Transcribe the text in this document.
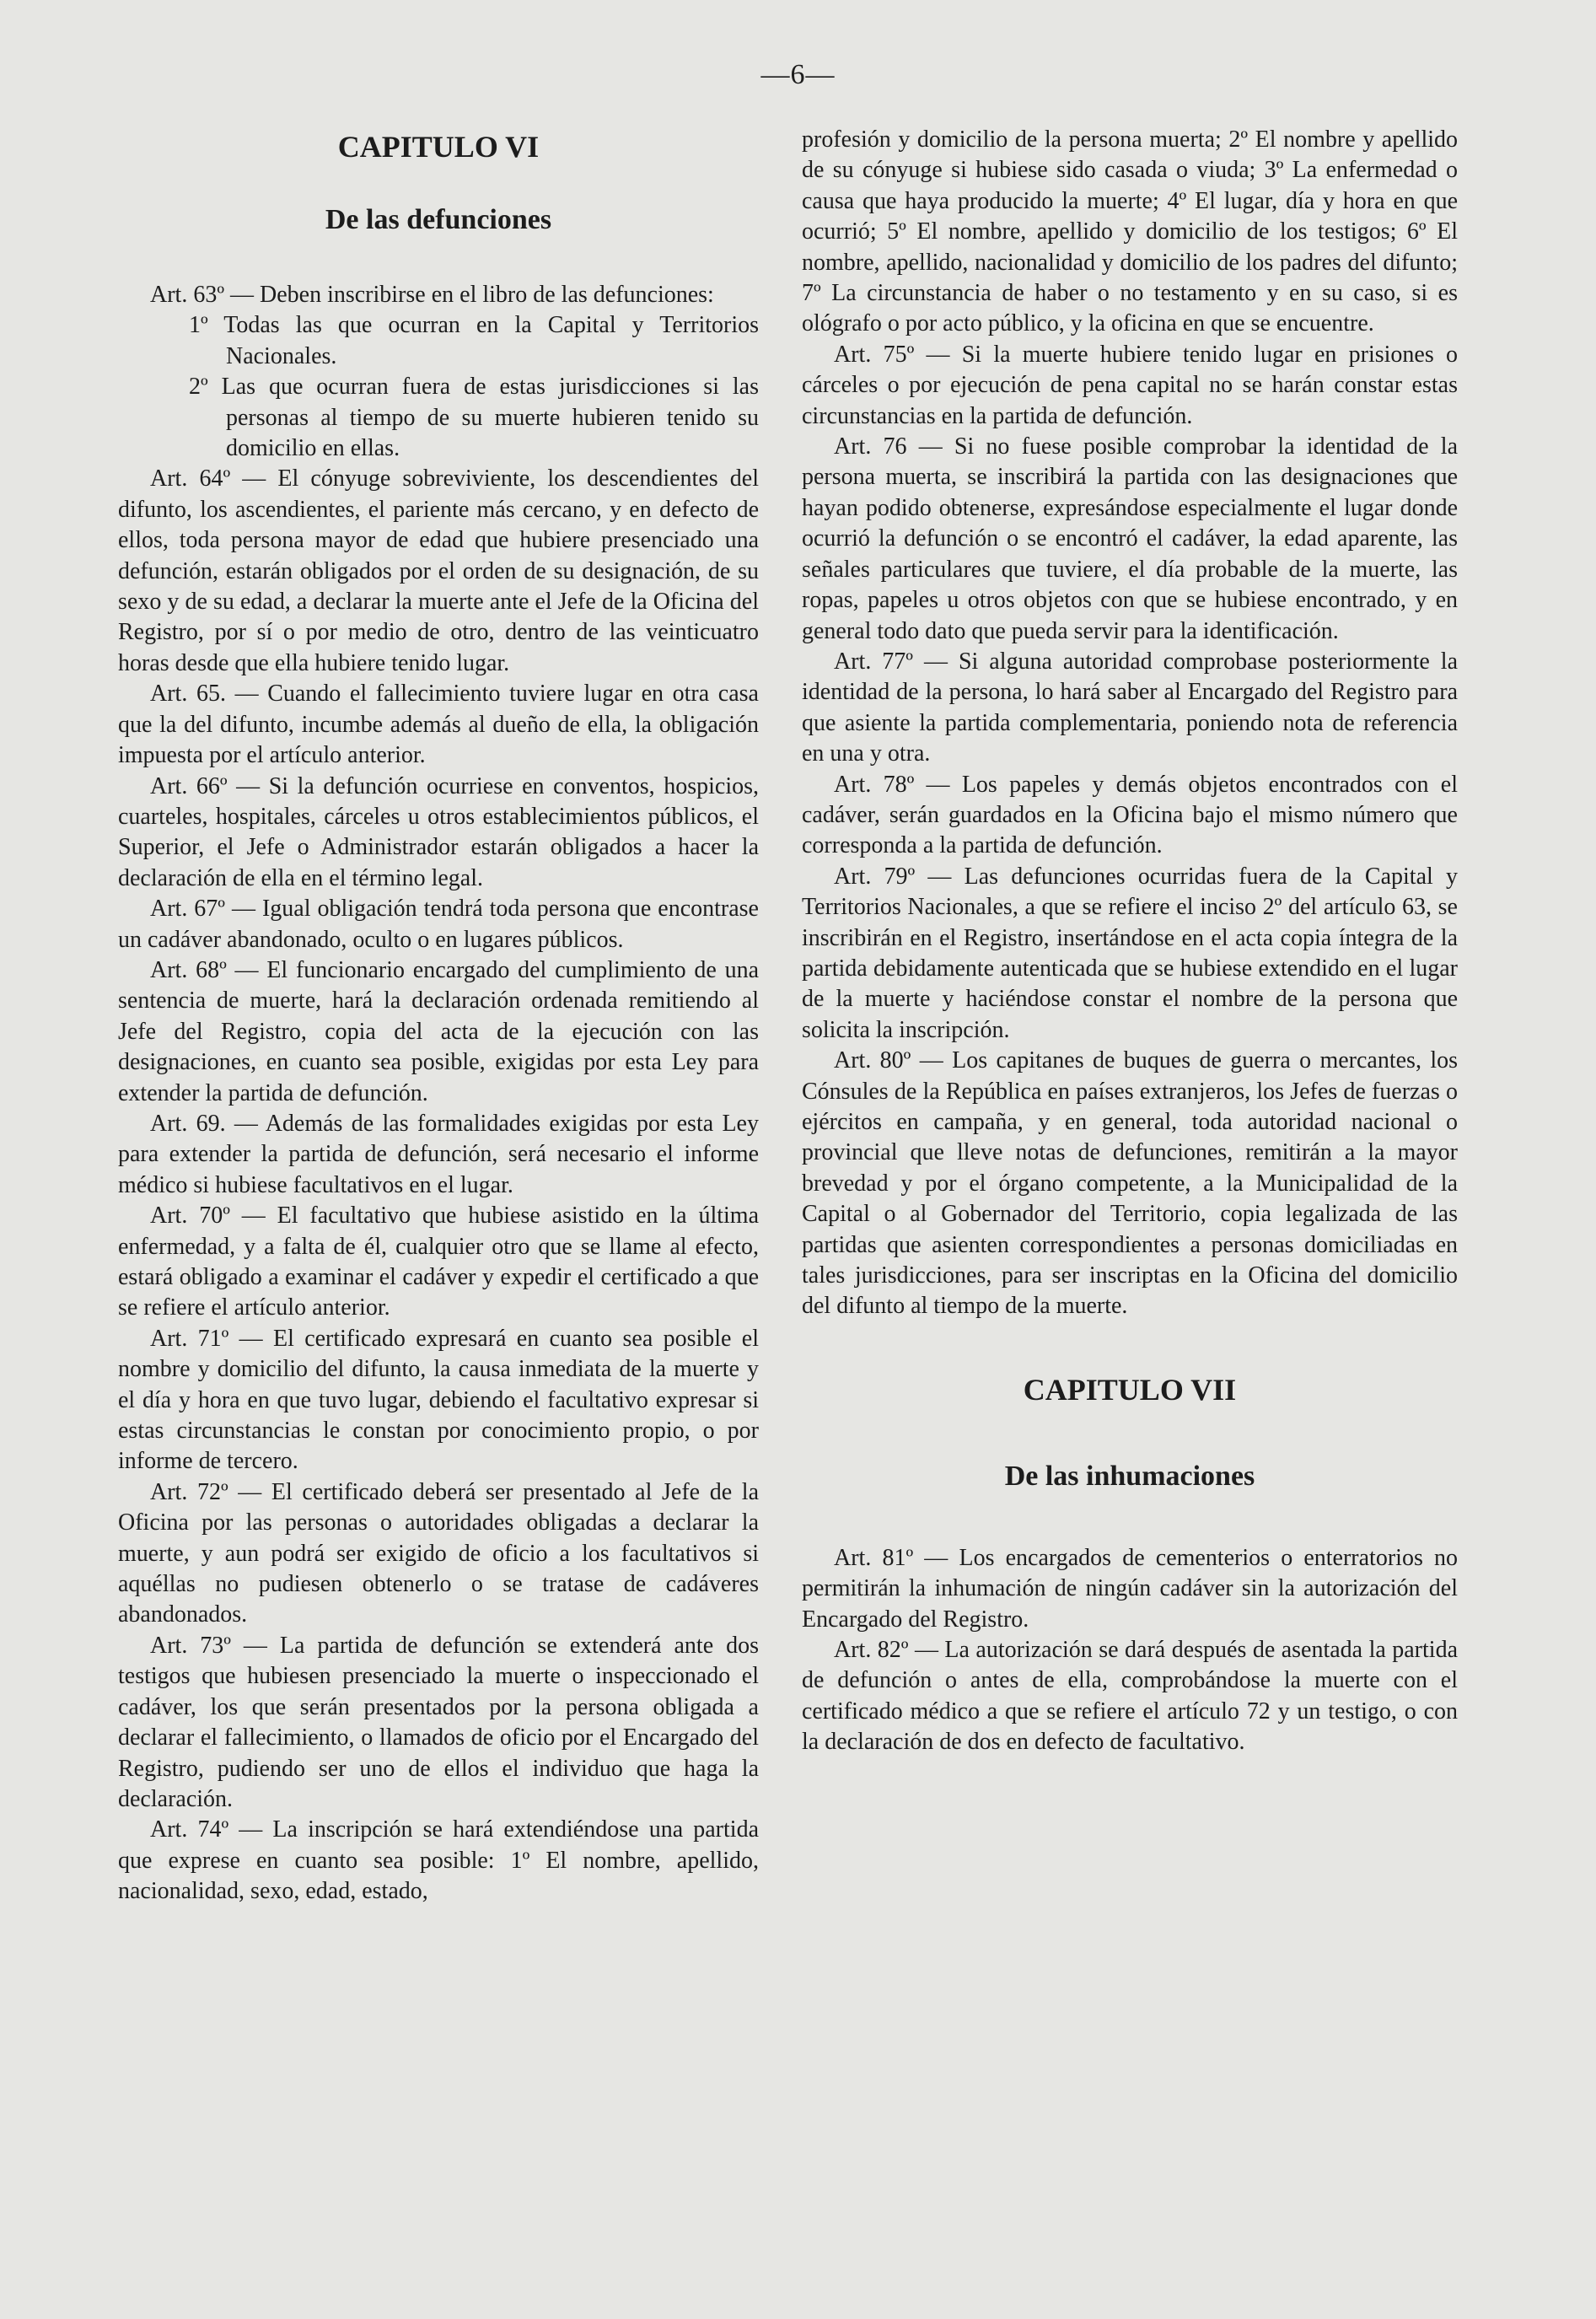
—6—
CAPITULO VI
De las defunciones

Art. 63º — Deben inscribirse en el libro de las defunciones:

1º Todas las que ocurran en la Capital y Territorios Nacionales.

2º Las que ocurran fuera de estas jurisdicciones si las personas al tiempo de su muerte hubieren tenido su domicilio en ellas.

Art. 64º — El cónyuge sobreviviente, los descendientes del difunto, los ascendientes, el pariente más cercano, y en defecto de ellos, toda persona mayor de edad que hubiere presenciado una defunción, estarán obligados por el orden de su designación, de su sexo y de su edad, a declarar la muerte ante el Jefe de la Oficina del Registro, por sí o por medio de otro, dentro de las veinticuatro horas desde que ella hubiere tenido lugar.

Art. 65. — Cuando el fallecimiento tuviere lugar en otra casa que la del difunto, incumbe además al dueño de ella, la obligación impuesta por el artículo anterior.

Art. 66º — Si la defunción ocurriese en conventos, hospicios, cuarteles, hospitales, cárceles u otros establecimientos públicos, el Superior, el Jefe o Administrador estarán obligados a hacer la declaración de ella en el término legal.

Art. 67º — Igual obligación tendrá toda persona que encontrase un cadáver abandonado, oculto o en lugares públicos.

Art. 68º — El funcionario encargado del cumplimiento de una sentencia de muerte, hará la declaración ordenada remitiendo al Jefe del Registro, copia del acta de la ejecución con las designaciones, en cuanto sea posible, exigidas por esta Ley para extender la partida de defunción.

Art. 69. — Además de las formalidades exigidas por esta Ley para extender la partida de defunción, será necesario el informe médico si hubiese facultativos en el lugar.

Art. 70º — El facultativo que hubiese asistido en la última enfermedad, y a falta de él, cualquier otro que se llame al efecto, estará obligado a examinar el cadáver y expedir el certificado a que se refiere el artículo anterior.

Art. 71º — El certificado expresará en cuanto sea posible el nombre y domicilio del difunto, la causa inmediata de la muerte y el día y hora en que tuvo lugar, debiendo el facultativo expresar si estas circunstancias le constan por conocimiento propio, o por informe de tercero.

Art. 72º — El certificado deberá ser presentado al Jefe de la Oficina por las personas o autoridades obligadas a declarar la muerte, y aun podrá ser exigido de oficio a los facultativos si aquéllas no pudiesen obtenerlo o se tratase de cadáveres abandonados.

Art. 73º — La partida de defunción se extenderá ante dos testigos que hubiesen presenciado la muerte o inspeccionado el cadáver, los que serán presentados por la persona obligada a declarar el fallecimiento, o llamados de oficio por el Encargado del Registro, pudiendo ser uno de ellos el individuo que haga la declaración.

Art. 74º — La inscripción se hará extendiéndose una partida que exprese en cuanto sea posible: 1º El nombre, apellido, nacionalidad, sexo, edad, estado,

profesión y domicilio de la persona muerta; 2º El nombre y apellido de su cónyuge si hubiese sido casada o viuda; 3º La enfermedad o causa que haya producido la muerte; 4º El lugar, día y hora en que ocurrió; 5º El nombre, apellido y domicilio de los testigos; 6º El nombre, apellido, nacionalidad y domicilio de los padres del difunto; 7º La circunstancia de haber o no testamento y en su caso, si es ológrafo o por acto público, y la oficina en que se encuentre.

Art. 75º — Si la muerte hubiere tenido lugar en prisiones o cárceles o por ejecución de pena capital no se harán constar estas circunstancias en la partida de defunción.

Art. 76 — Si no fuese posible comprobar la identidad de la persona muerta, se inscribirá la partida con las designaciones que hayan podido obtenerse, expresándose especialmente el lugar donde ocurrió la defunción o se encontró el cadáver, la edad aparente, las señales particulares que tuviere, el día probable de la muerte, las ropas, papeles u otros objetos con que se hubiese encontrado, y en general todo dato que pueda servir para la identificación.

Art. 77º — Si alguna autoridad comprobase posteriormente la identidad de la persona, lo hará saber al Encargado del Registro para que asiente la partida complementaria, poniendo nota de referencia en una y otra.

Art. 78º — Los papeles y demás objetos encontrados con el cadáver, serán guardados en la Oficina bajo el mismo número que corresponda a la partida de defunción.

Art. 79º — Las defunciones ocurridas fuera de la Capital y Territorios Nacionales, a que se refiere el inciso 2º del artículo 63, se inscribirán en el Registro, insertándose en el acta copia íntegra de la partida debidamente autenticada que se hubiese extendido en el lugar de la muerte y haciéndose constar el nombre de la persona que solicita la inscripción.

Art. 80º — Los capitanes de buques de guerra o mercantes, los Cónsules de la República en países extranjeros, los Jefes de fuerzas o ejércitos en campaña, y en general, toda autoridad nacional o provincial que lleve notas de defunciones, remitirán a la mayor brevedad y por el órgano competente, a la Municipalidad de la Capital o al Gobernador del Territorio, copia legalizada de las partidas que asienten correspondientes a personas domiciliadas en tales jurisdicciones, para ser inscriptas en la Oficina del domicilio del difunto al tiempo de la muerte.

CAPITULO VII
De las inhumaciones

Art. 81º — Los encargados de cementerios o enterratorios no permitirán la inhumación de ningún cadáver sin la autorización del Encargado del Registro.

Art. 82º — La autorización se dará después de asentada la partida de defunción o antes de ella, comprobándose la muerte con el certificado médico a que se refiere el artículo 72 y un testigo, o con la declaración de dos en defecto de facultativo.
